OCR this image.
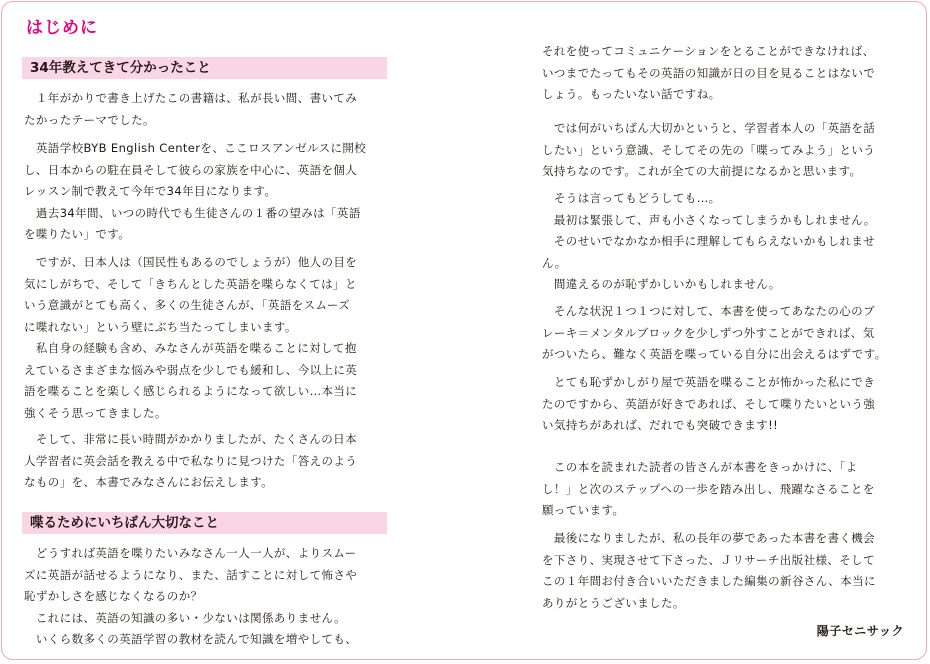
はじめに
34年教えてきて分かったこと

　１年がかりで書き上げたこの書籍は、私が長い間、書いてみ
たかったテーマでした。

　英語学校BYB English Centerを、ここロスアンゼルスに開校
し、日本からの駐在員そして彼らの家族を中心に、英語を個人
レッスン制で教えて今年で34年目になります。
　過去34年間、いつの時代でも生徒さんの１番の望みは「英語
を喋りたい」です。

　ですが、日本人は（国民性もあるのでしょうが）他人の目を
気にしがちで、そして「きちんとした英語を喋らなくては」と
いう意識がとても高く、多くの生徒さんが、「英語をスムーズ
に喋れない」という壁にぶち当たってしまいます。
　私自身の経験も含め、みなさんが英語を喋ることに対して抱
えているさまざまな悩みや弱点を少しでも緩和し、今以上に英
語を喋ることを楽しく感じられるようになって欲しい…本当に
強くそう思ってきました。

　そして、非常に長い時間がかかりましたが、たくさんの日本
人学習者に英会話を教える中で私なりに見つけた「答えのよう
なもの」を、本書でみなさんにお伝えします。

喋るためにいちばん大切なこと

　どうすれば英語を喋りたいみなさん一人一人が、よりスムー
ズに英語が話せるようになり、また、話すことに対して怖さや
恥ずかしさを感じなくなるのか？
　これには、英語の知識の多い・少ないは関係ありません。
　いくら数多くの英語学習の教材を読んで知識を増やしても、

それを使ってコミュニケーションをとることができなければ、
いつまでたってもその英語の知識が日の目を見ることはないで
しょう。もったいない話ですね。

　では何がいちばん大切かというと、学習者本人の「英語を話
したい」という意識、そしてその先の「喋ってみよう」という
気持ちなのです。これが全ての大前提になるかと思います。

　そうは言ってもどうしても…。
　最初は緊張して、声も小さくなってしまうかもしれません。
　そのせいでなかなか相手に理解してもらえないかもしれませ
ん。
　間違えるのが恥ずかしいかもしれません。

　そんな状況１つ１つに対して、本書を使ってあなたの心のブ
レーキ＝メンタルブロックを少しずつ外すことができれば、気
がついたら、難なく英語を喋っている自分に出会えるはずです。

　とても恥ずかしがり屋で英語を喋ることが怖かった私にでき
たのですから、英語が好きであれば、そして喋りたいという強
い気持ちがあれば、だれでも突破できます!!

　この本を読まれた読者の皆さんが本書をきっかけに、「よ
し！」と次のステップへの一歩を踏み出し、飛躍なさることを
願っています。

　最後になりましたが、私の長年の夢であった本書を書く機会
を下さり、実現させて下さった、Ｊリサーチ出版社様、そして
この１年間お付き合いいただきました編集の新谷さん、本当に
ありがとうございました。

陽子セニサック
